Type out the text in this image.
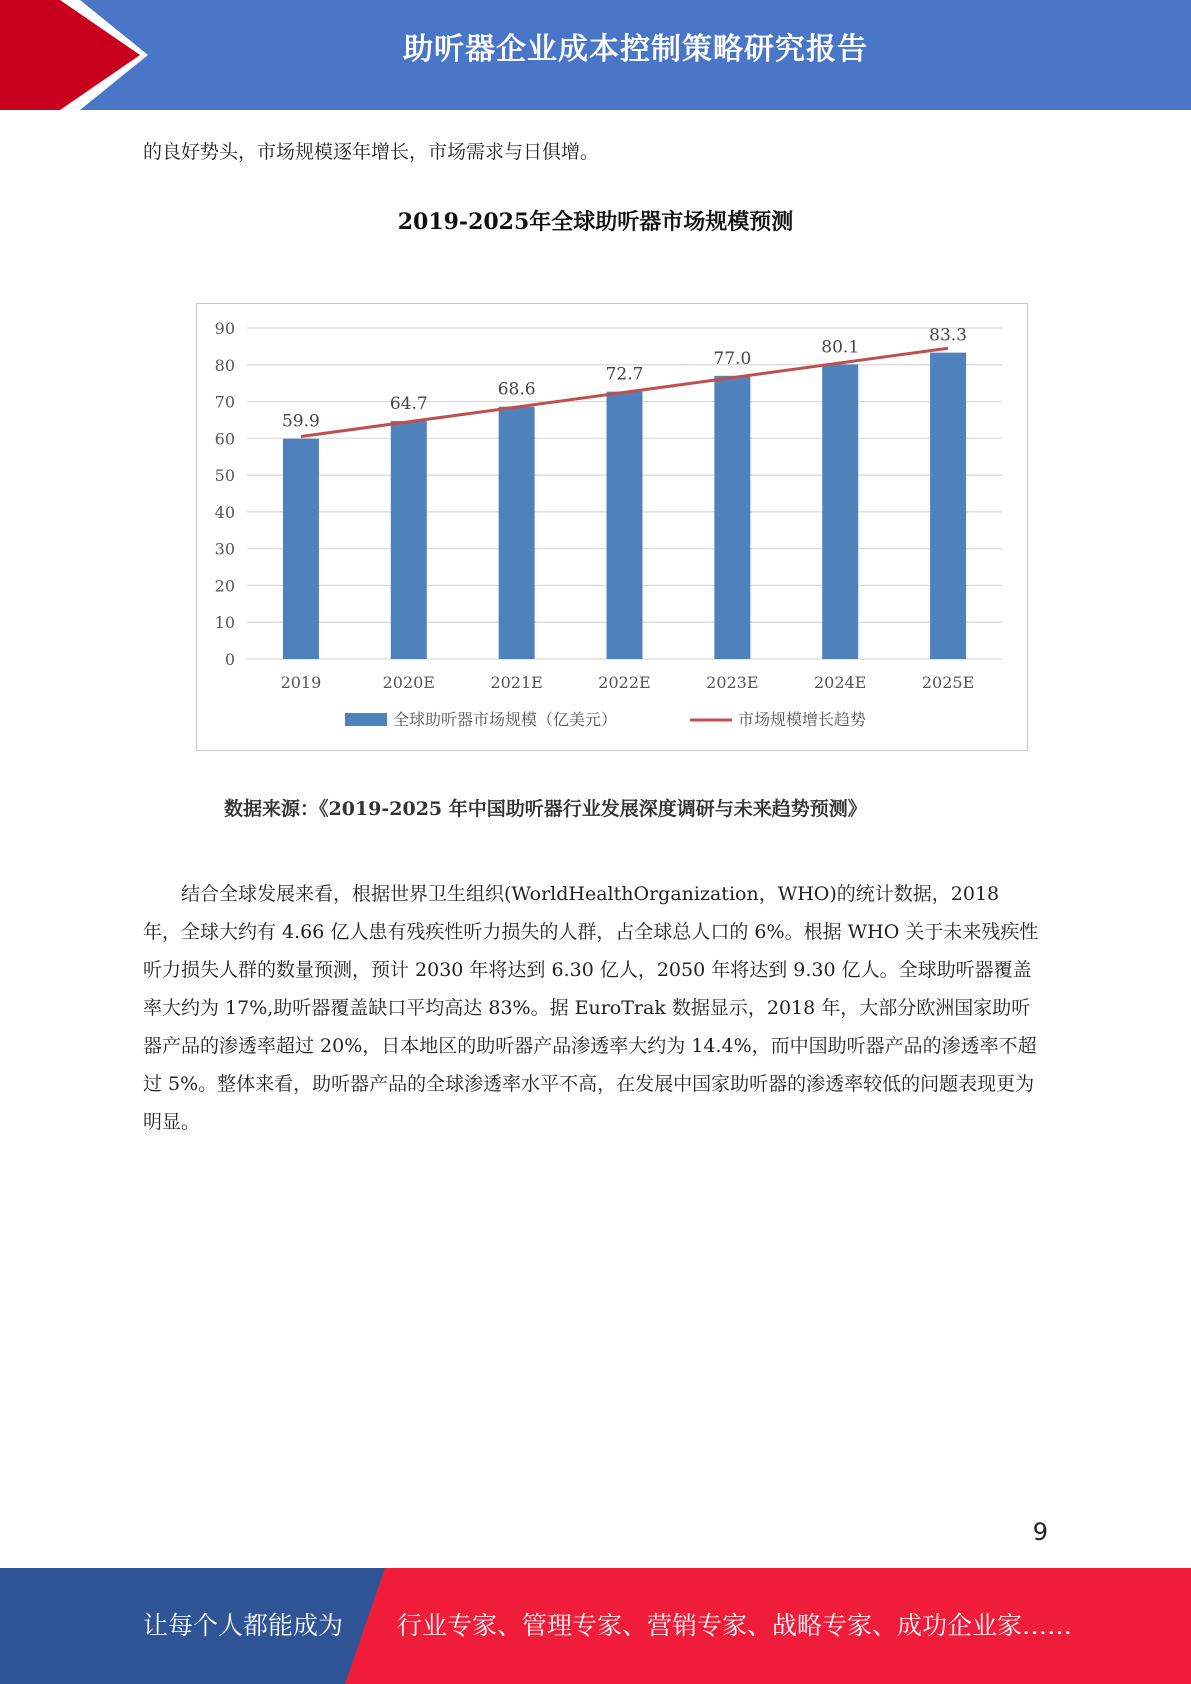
助听器企业成本控制策略研究报告

的良好势头，市场规模逐年增长，市场需求与日俱增。

2019-2025年全球助听器市场规模预测
0
10
20
30
40
50
60
70
80
90
59.9
2019
64.7
2020E
68.6
2021E
72.7
2022E
77.0
2023E
80.1
2024E
83.3
2025E
全球助听器市场规模（亿美元）	市场规模增长趋势
数据来源：《2019-2025 年中国助听器行业发展深度调研与未来趋势预测》

结合全球发展来看，根据世界卫生组织(WorldHealthOrganization，WHO)的统计数据，2018 年，全球大约有 4.66 亿人患有残疾性听力损失的人群，占全球总人口的 6%。根据 WHO 关于未来残疾性听力损失人群的数量预测，预计 2030 年将达到 6.30 亿人，2050 年将达到 9.30 亿人。全球助听器覆盖率大约为 17%,助听器覆盖缺口平均高达 83%。据 EuroTrak 数据显示，2018 年，大部分欧洲国家助听器产品的渗透率超过 20%，日本地区的助听器产品渗透率大约为 14.4%，而中国助听器产品的渗透率不超过 5%。整体来看，助听器产品的全球渗透率水平不高，在发展中国家助听器的渗透率较低的问题表现更为明显。

9
让每个人都能成为 行业专家、管理专家、营销专家、战略专家、成功企业家……
